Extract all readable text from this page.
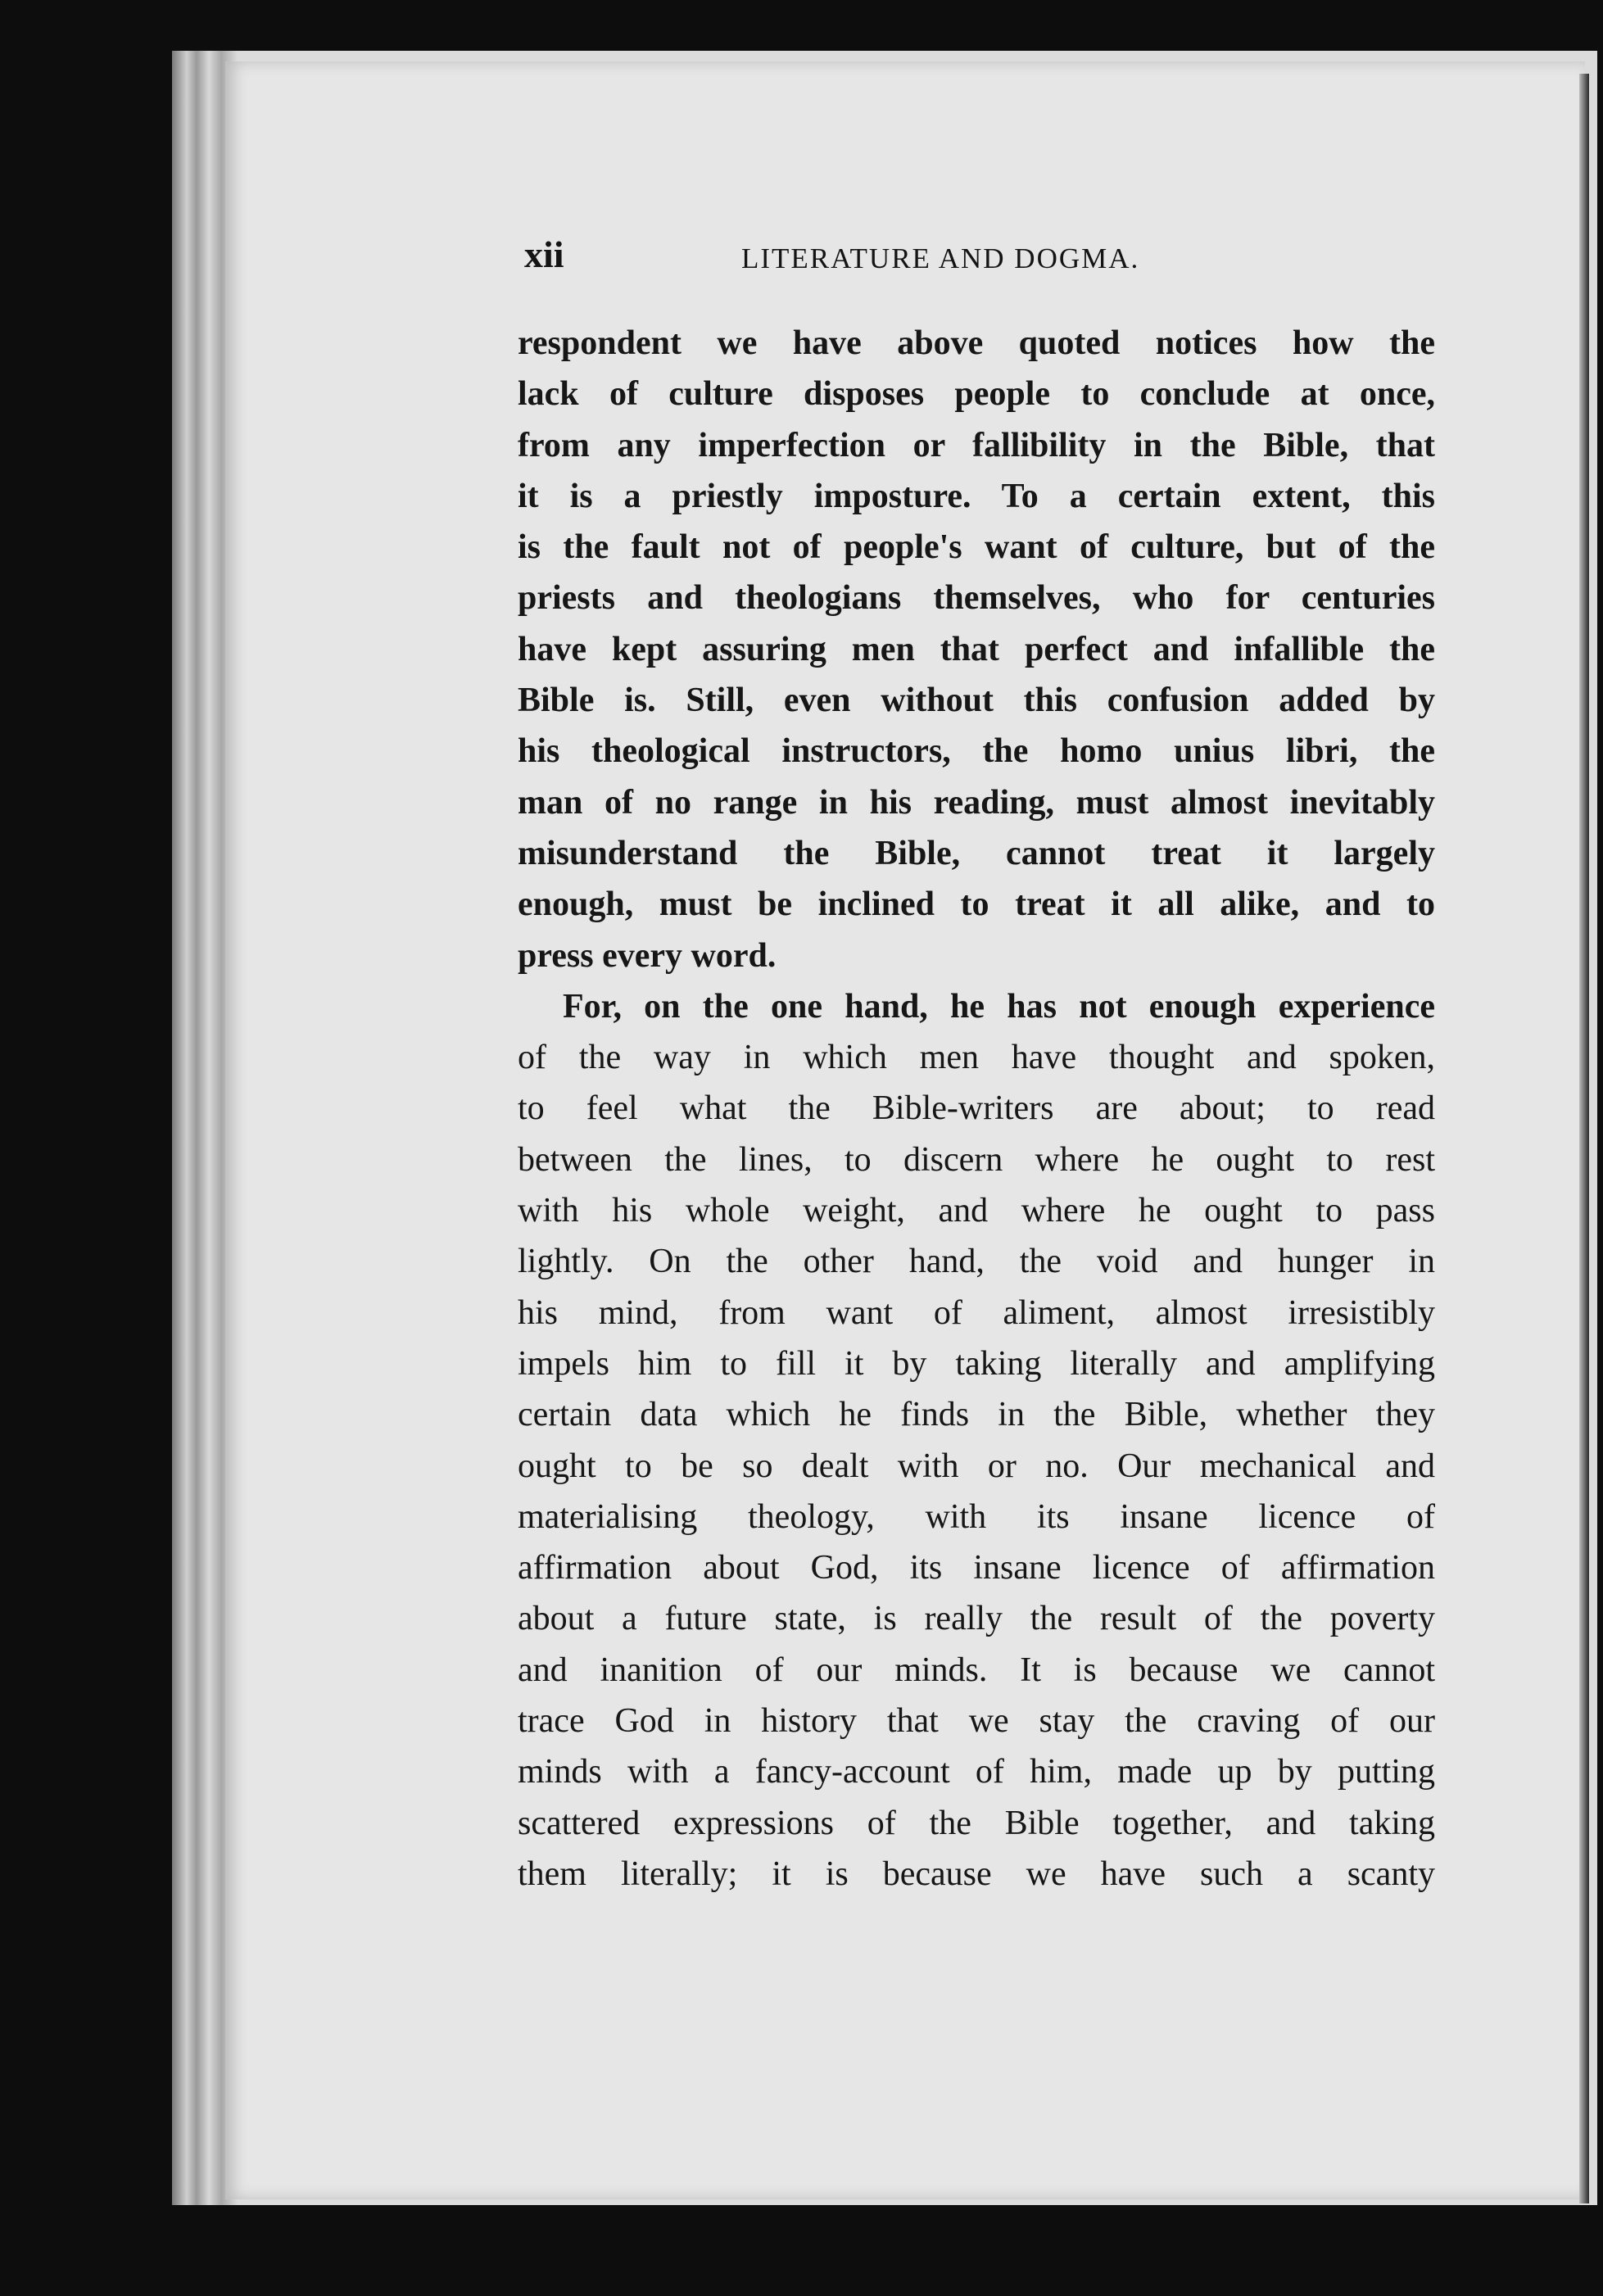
xii	LITERATURE AND DOGMA.
respondent we have above quoted notices how the
lack of culture disposes people to conclude at once,
from any imperfection or fallibility in the Bible, that
it is a priestly imposture. To a certain extent, this
is the fault not of people's want of culture, but of the
priests and theologians themselves, who for centuries
have kept assuring men that perfect and infallible the
Bible is. Still, even without this confusion added by
his theological instructors, the homo unius libri, the
man of no range in his reading, must almost inevitably
misunderstand the Bible, cannot treat it largely
enough, must be inclined to treat it all alike, and to
press every word.
For, on the one hand, he has not enough experience
of the way in which men have thought and spoken,
to feel what the Bible-writers are about; to read
between the lines, to discern where he ought to rest
with his whole weight, and where he ought to pass
lightly. On the other hand, the void and hunger in
his mind, from want of aliment, almost irresistibly
impels him to fill it by taking literally and amplifying
certain data which he finds in the Bible, whether they
ought to be so dealt with or no. Our mechanical and
materialising theology, with its insane licence of
affirmation about God, its insane licence of affirmation
about a future state, is really the result of the poverty
and inanition of our minds. It is because we cannot
trace God in history that we stay the craving of our
minds with a fancy-account of him, made up by putting
scattered expressions of the Bible together, and taking
them literally; it is because we have such a scanty
